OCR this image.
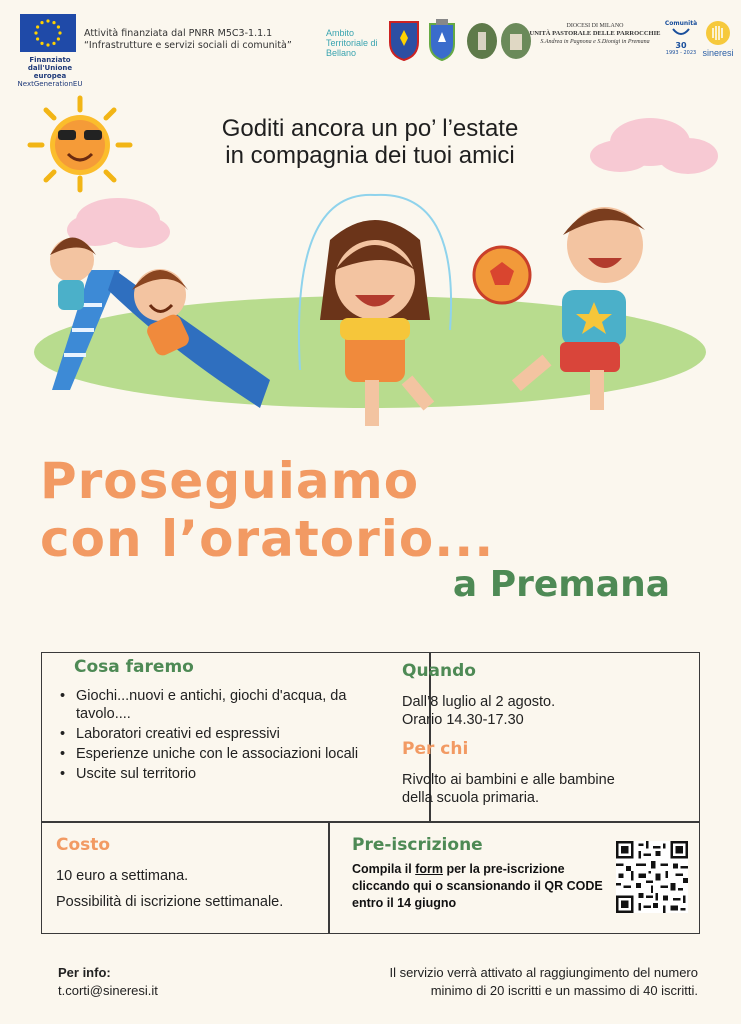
Finanziato
dall'Unione europea
NextGenerationEU
Attività finanziata dal PNRR M5C3-1.1.1
“Infrastrutture e servizi sociali di comunità”
Ambito Territoriale di Bellano
DIOCESI DI MILANO
UNITÀ PASTORALE DELLE PARROCCHIE
S.Andrea in Pagnona e S.Dionigi in Premana
Comunità
30
1993 - 2023 sineresi
Goditi ancora un po’ l’estate
in compagnia dei tuoi amici
Proseguiamo
con l’oratorio...
a Premana
Cosa faremo
• Giochi...nuovi e antichi, giochi d'acqua, da tavolo....
• Laboratori creativi ed espressivi
• Esperienze uniche con le associazioni locali
• Uscite sul territorio
Quando
Dall’8 luglio al 2 agosto.
Orario 14.30-17.30
Per chi
Rivolto ai bambini e alle bambine
della scuola primaria.
Costo
10 euro a settimana.
Possibilità di iscrizione settimanale.
Pre-iscrizione
Compila il form per la pre-iscrizione cliccando qui o scansionando il QR CODE entro il 14 giugno
Per info:
t.corti@sineresi.it
Il servizio verrà attivato al raggiungimento del numero
minimo di 20 iscritti e un massimo di 40 iscritti.
